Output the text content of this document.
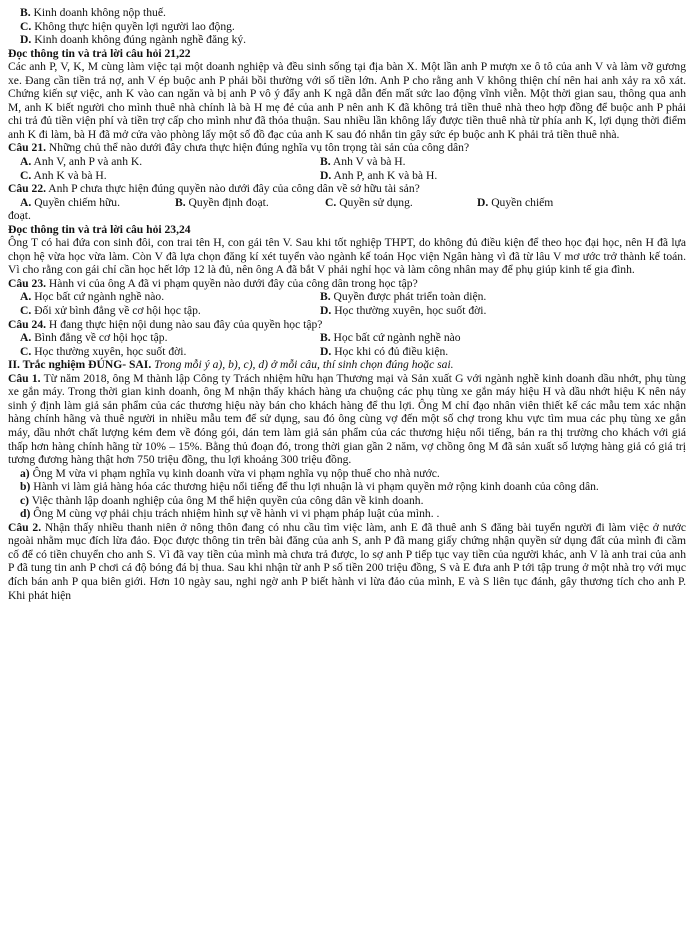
B. Kinh doanh không nộp thuế.

C. Không thực hiện quyền lợi người lao động.

D. Kinh doanh không đúng ngành nghề đăng ký.

Đọc thông tin và trả lời câu hỏi 21,22

Các anh P, V, K, M cùng làm việc tại một doanh nghiệp và đều sinh sống tại địa bàn X. Một lần anh P mượn xe ô tô của anh V và làm vỡ gương xe. Đang cần tiền trả nợ, anh V ép buộc anh P phải bồi thường với số tiền lớn. Anh P cho rằng anh V không thiện chí nên hai anh xảy ra xô xát. Chứng kiến sự việc, anh K vào can ngăn và bị anh P vô ý đẩy anh K ngã dẫn đến mất sức lao động vĩnh viễn. Một thời gian sau, thông qua anh M, anh K biết người cho mình thuê nhà chính là bà H mẹ đẻ của anh P nên anh K đã không trả tiền thuê nhà theo hợp đồng để buộc anh P phải chi trả đủ tiền viện phí và tiền trợ cấp cho mình như đã thỏa thuận. Sau nhiều lần không lấy được tiền thuê nhà từ phía anh K, lợi dụng thời điểm anh K đi làm, bà H đã mở cửa vào phòng lấy một số đồ đạc của anh K sau đó nhắn tin gây sức ép buộc anh K phải trả tiền thuê nhà.

Câu 21. Những chủ thể nào dưới đây chưa thực hiện đúng nghĩa vụ tôn trọng tài sản của công dân?

A. Anh V, anh P và anh K.	B. Anh V và bà H.
C. Anh K và bà H.	D. Anh P, anh K và bà H.

Câu 22. Anh P chưa thực hiện đúng quyền nào dưới đây của công dân về sở hữu tài sản?

A. Quyền chiếm hữu.	B. Quyền định đoạt.	C. Quyền sử dụng.	D. Quyền chiếm

đoạt.

Đọc thông tin và trả lời câu hỏi 23,24

Ông T có hai đứa con sinh đôi, con trai tên H, con gái tên V. Sau khi tốt nghiệp THPT, do không đủ điều kiện để theo học đại học, nên H đã lựa chọn hệ vừa học vừa làm. Còn V đã lựa chọn đăng kí xét tuyển vào ngành kế toán Học viện Ngân hàng vì đã từ lâu V mơ ước trở thành kế toán. Vì cho rằng con gái chỉ cần học hết lớp 12 là đủ, nên ông A đã bắt V phải nghỉ học và làm công nhân may để phụ giúp kinh tế gia đình.

Câu 23. Hành vi của ông A đã vi phạm quyền nào dưới đây của công dân trong học tập?

A. Học bất cứ ngành nghề nào.	B. Quyền được phát triển toàn diện.
C. Đối xử bình đẳng về cơ hội học tập.	D. Học thường xuyên, học suốt đời.

Câu 24. H đang thực hiện nội dung nào sau đây của quyền học tập?

A. Bình đẳng về cơ hội học tập.	B. Học bất cứ ngành nghề nào
C. Học thường xuyên, học suốt đời.	D. Học khi có đủ điều kiện.

II. Trắc nghiệm ĐÚNG- SAI. Trong mỗi ý a), b), c), d) ở mỗi câu, thí sinh chọn đúng hoặc sai.

Câu 1. Từ năm 2018, ông M thành lập Công ty Trách nhiệm hữu hạn Thương mại và Sản xuất G với ngành nghề kinh doanh dầu nhớt, phụ tùng xe gắn máy. Trong thời gian kinh doanh, ông M nhận thấy khách hàng ưa chuộng các phụ tùng xe gắn máy hiệu H và dầu nhớt hiệu K nên nảy sinh ý định làm giả sản phẩm của các thương hiệu này bán cho khách hàng để thu lợi. Ông M chỉ đạo nhân viên thiết kế các mẫu tem xác nhận hàng chính hãng và thuê người in nhiều mẫu tem để sử dụng, sau đó ông cùng vợ đến một số chợ trong khu vực tìm mua các phụ tùng xe gắn máy, dầu nhớt chất lượng kém đem về đóng gói, dán tem làm giả sản phẩm của các thương hiệu nổi tiếng, bán ra thị trường cho khách với giá thấp hơn hàng chính hãng từ 10% – 15%. Bằng thủ đoạn đó, trong thời gian gần 2 năm, vợ chồng ông M đã sản xuất số lượng hàng giả có giá trị tương đương hàng thật hơn 750 triệu đồng, thu lợi khoảng 300 triệu đồng.

a) Ông M vừa vi phạm nghĩa vụ kinh doanh vừa vi phạm nghĩa vụ nộp thuế cho nhà nước.

b) Hành vi làm giả hàng hóa các thương hiệu nổi tiếng để thu lợi nhuận là vi phạm quyền mở rộng kinh doanh của công dân.

c) Việc thành lập doanh nghiệp của ông M thể hiện quyền của công dân về kinh doanh.

d) Ông M cùng vợ phải chịu trách nhiệm hình sự về hành vi vi phạm pháp luật của mình. .

Câu 2. Nhận thấy nhiều thanh niên ở nông thôn đang có nhu cầu tìm việc làm, anh E đã thuê anh S đăng bài tuyển người đi làm việc ở nước ngoài nhằm mục đích lừa đảo. Đọc được thông tin trên bài đăng của anh S, anh P đã mang giấy chứng nhận quyền sử dụng đất của mình đi cầm cố để có tiền chuyển cho anh S. Vì đã vay tiền của mình mà chưa trả được, lo sợ anh P tiếp tục vay tiền của người khác, anh V là anh trai của anh P đã tung tin anh P chơi cá độ bóng đá bị thua. Sau khi nhận từ anh P số tiền 200 triệu đồng, S và E đưa anh P tới tập trung ở một nhà trọ với mục đích bán anh P qua biên giới. Hơn 10 ngày sau, nghi ngờ anh P biết hành vi lừa đảo của mình, E và S liên tục đánh, gây thương tích cho anh P. Khi phát hiện
